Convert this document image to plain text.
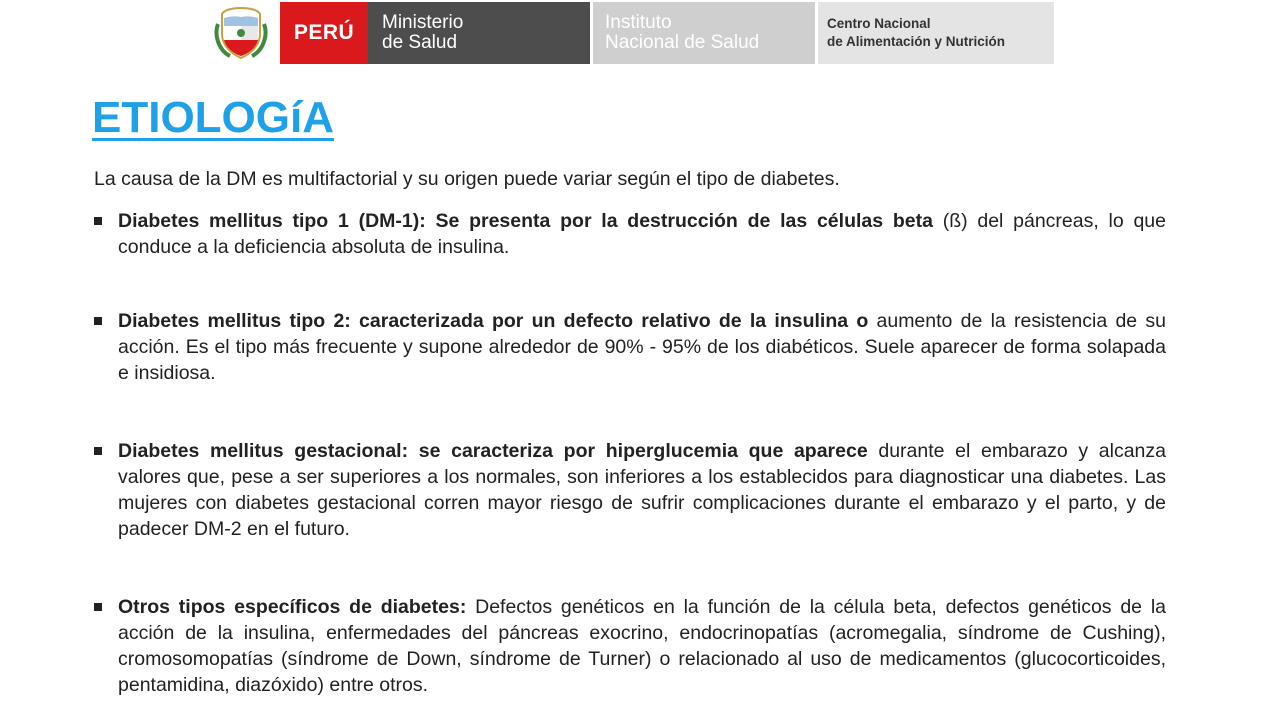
PERÚ Ministerio
de Salud
Instituto
Nacional de Salud
Centro Nacional
de Alimentación y Nutrición
ETIOLOGíA

La causa de la DM es multifactorial y su origen puede variar según el tipo de diabetes.

Diabetes mellitus tipo 1 (DM-1): Se presenta por la destrucción de las células beta (ß) del páncreas, lo que conduce a la deficiencia absoluta de insulina.

Diabetes mellitus tipo 2: caracterizada por un defecto relativo de la insulina o aumento de la resistencia de su acción. Es el tipo más frecuente y supone alrededor de 90% - 95% de los diabéticos. Suele aparecer de forma solapada e insidiosa.

Diabetes mellitus gestacional: se caracteriza por hiperglucemia que aparece durante el embarazo y alcanza valores que, pese a ser superiores a los normales, son inferiores a los establecidos para diagnosticar una diabetes. Las mujeres con diabetes gestacional corren mayor riesgo de sufrir complicaciones durante el embarazo y el parto, y de padecer DM-2 en el futuro.

Otros tipos específicos de diabetes: Defectos genéticos en la función de la célula beta, defectos genéticos de la acción de la insulina, enfermedades del páncreas exocrino, endocrinopatías (acromegalia, síndrome de Cushing), cromosomopatías (síndrome de Down, síndrome de Turner) o relacionado al uso de medicamentos (glucocorticoides, pentamidina, diazóxido) entre otros.
